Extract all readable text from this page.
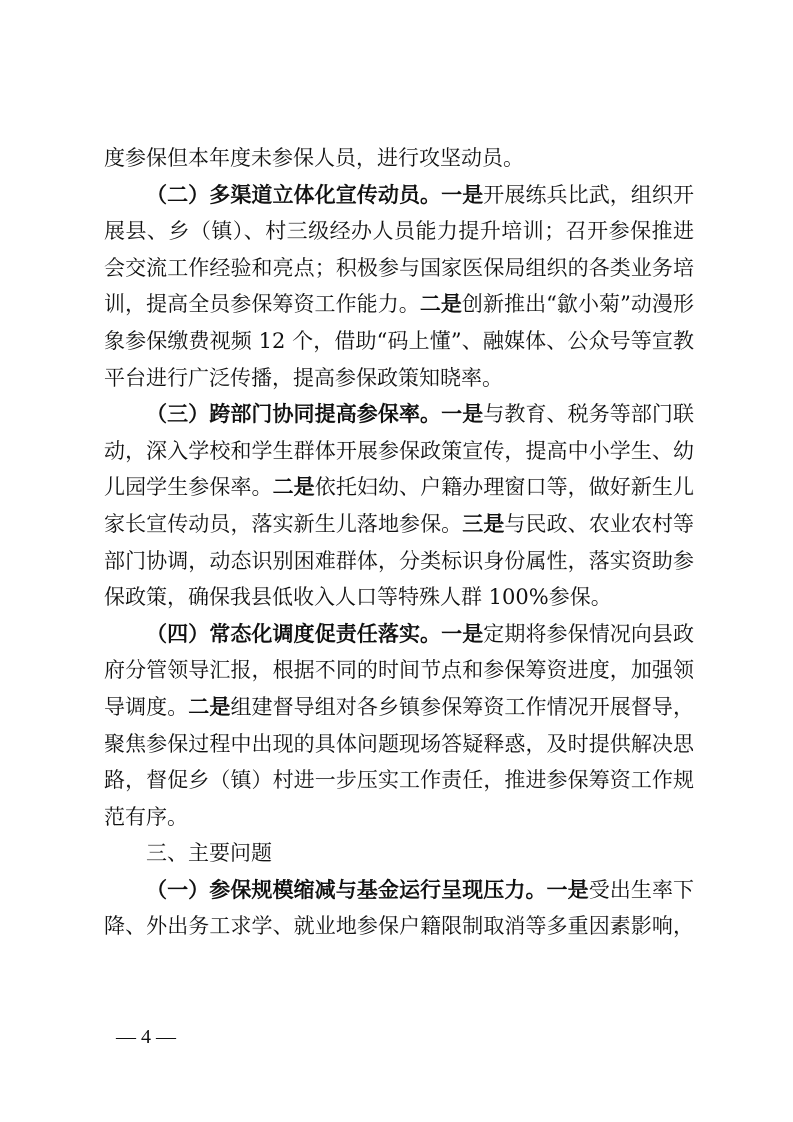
度参保但本年度未参保人员，进行攻坚动员。
（二）多渠道立体化宣传动员。一是开展练兵比武，组织开
展县、乡（镇）、村三级经办人员能力提升培训；召开参保推进
会交流工作经验和亮点；积极参与国家医保局组织的各类业务培
训，提高全员参保筹资工作能力。二是创新推出“歙小菊”动漫形
象参保缴费视频 12 个，借助“码上懂”、融媒体、公众号等宣教
平台进行广泛传播，提高参保政策知晓率。
（三）跨部门协同提高参保率。一是与教育、税务等部门联
动，深入学校和学生群体开展参保政策宣传，提高中小学生、幼
儿园学生参保率。二是依托妇幼、户籍办理窗口等，做好新生儿
家长宣传动员，落实新生儿落地参保。三是与民政、农业农村等
部门协调，动态识别困难群体，分类标识身份属性，落实资助参
保政策，确保我县低收入人口等特殊人群 100%参保。
（四）常态化调度促责任落实。一是定期将参保情况向县政
府分管领导汇报，根据不同的时间节点和参保筹资进度，加强领
导调度。二是组建督导组对各乡镇参保筹资工作情况开展督导，
聚焦参保过程中出现的具体问题现场答疑释惑，及时提供解决思
路，督促乡（镇）村进一步压实工作责任，推进参保筹资工作规
范有序。
三、主要问题
（一）参保规模缩减与基金运行呈现压力。一是受出生率下
降、外出务工求学、就业地参保户籍限制取消等多重因素影响，
— 4 —
